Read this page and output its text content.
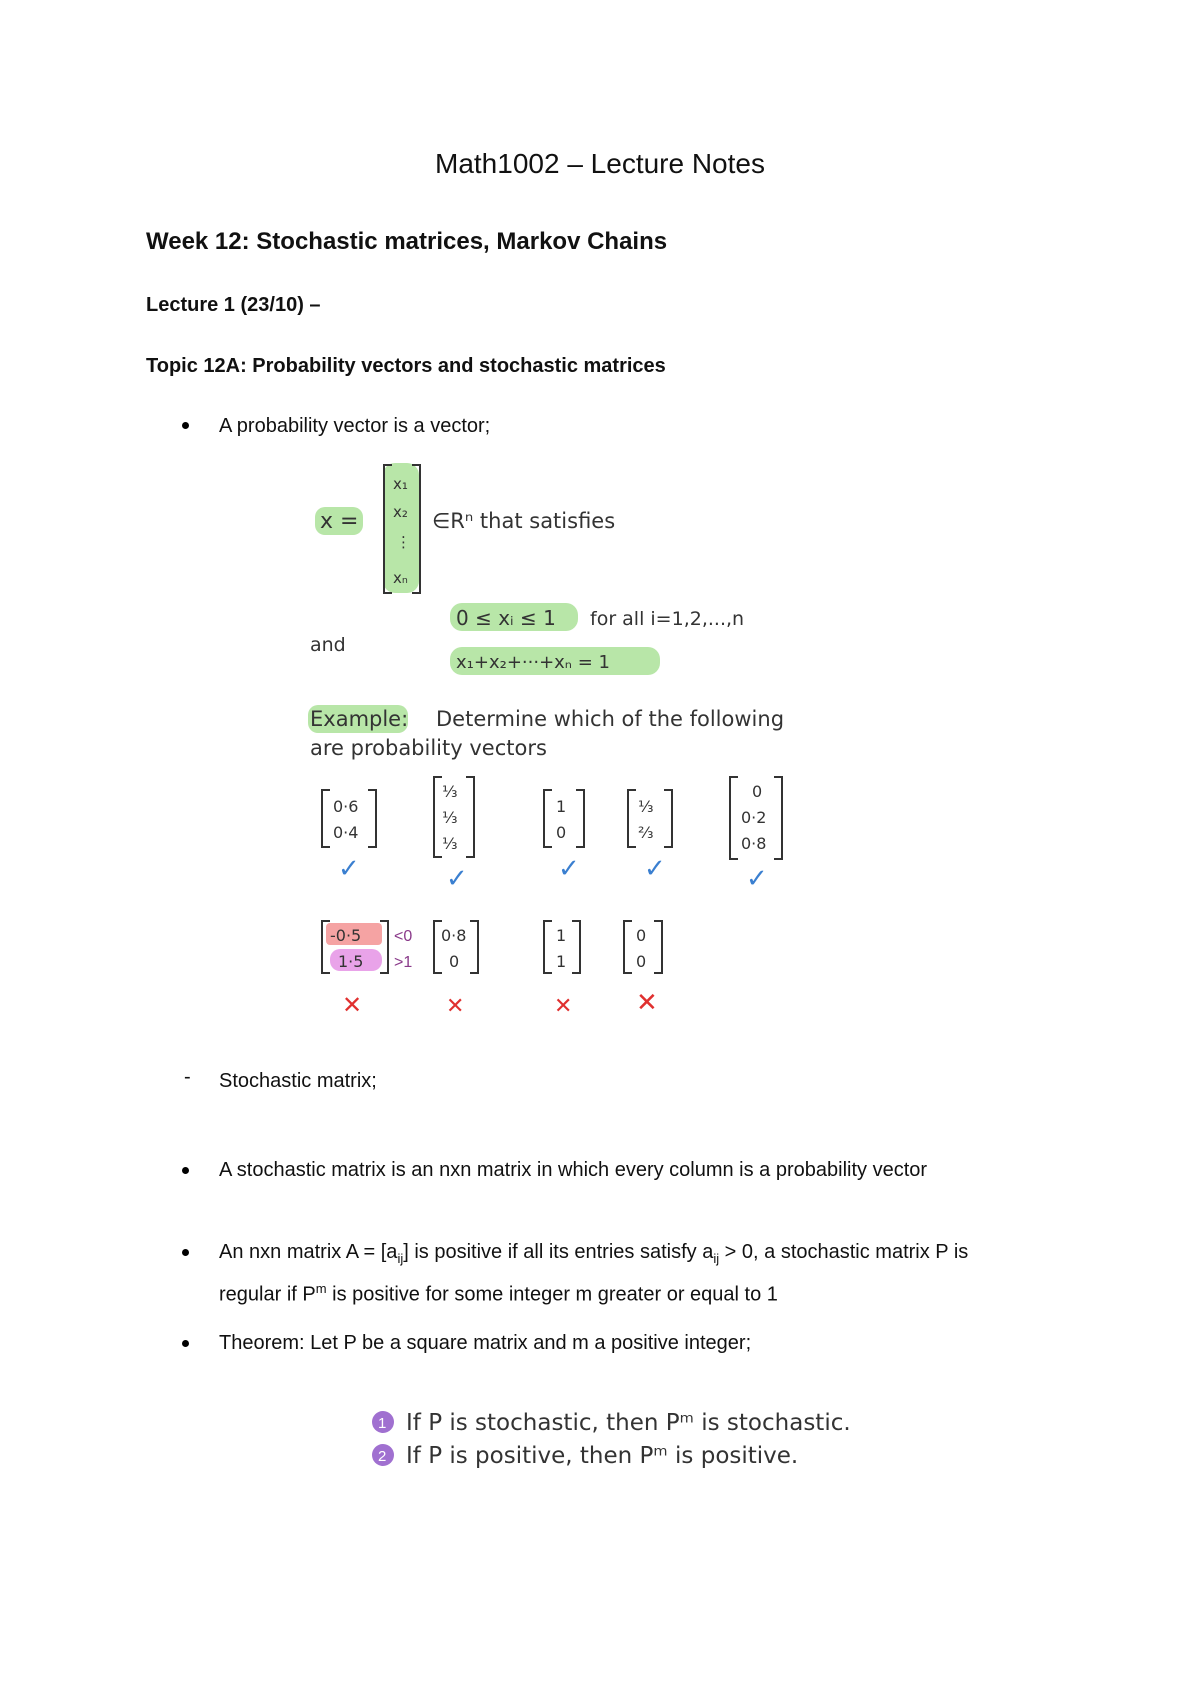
Math1002 – Lecture Notes
Week 12: Stochastic matrices, Markov Chains
Lecture 1 (23/10) –
Topic 12A: Probability vectors and stochastic matrices
A probability vector is a vector;
x =
x₁
x₂
⋮
xₙ
∈Rⁿ that satisfies
0 ≤ xᵢ ≤ 1 for all i=1,2,...,n
and
x₁+x₂+···+xₙ = 1
Example: Determine which of the following
are probability vectors
0·6
0·4
✓
⅓
⅓
⅓
✓
1
0
✓
⅓
⅔
✓
0
0·2
0·8
✓
-0·5
1·5
<0
>1
✕
0·8
0
✕
1
1
✕
0
0
✕
- Stochastic matrix;
A stochastic matrix is an nxn matrix in which every column is a probability vector
An nxn matrix $A = [a_{ij}]$ is positive if all its entries satisfy $a_{ij} > 0$, a stochastic matrix P is
regular if $P^m$ is positive for some integer m greater or equal to 1
Theorem: Let P be a square matrix and m a positive integer;
1 If P is stochastic, then Pᵐ is stochastic.
2 If P is positive, then Pᵐ is positive.
